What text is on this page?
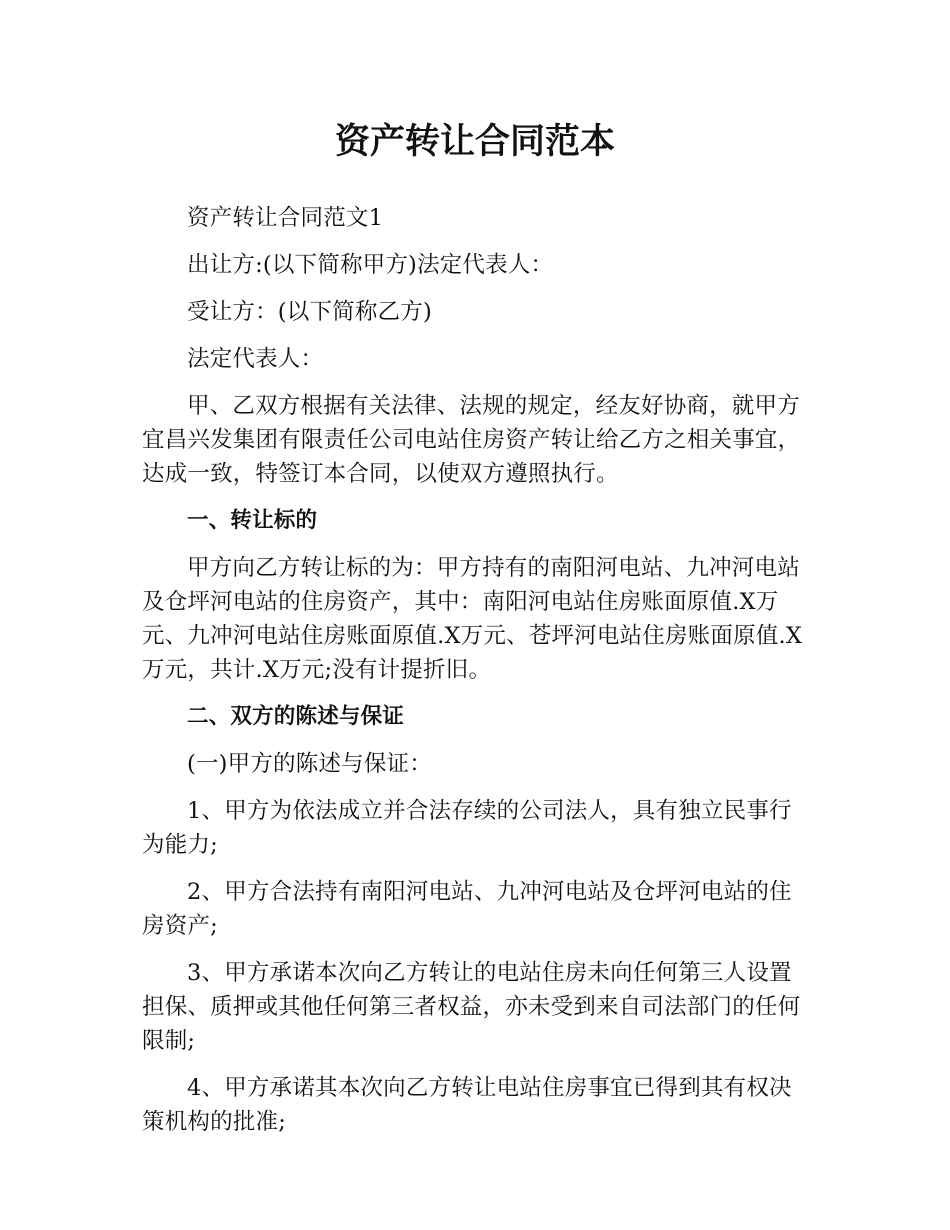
资产转让合同范本

资产转让合同范文1

出让方:(以下简称甲方)法定代表人：

受让方：(以下简称乙方)

法定代表人：

甲、乙双方根据有关法律、法规的规定，经友好协商，就甲方宜昌兴发集团有限责任公司电站住房资产转让给乙方之相关事宜，达成一致，特签订本合同，以使双方遵照执行。

一、转让标的

甲方向乙方转让标的为：甲方持有的南阳河电站、九冲河电站及仓坪河电站的住房资产，其中：南阳河电站住房账面原值.X万元、九冲河电站住房账面原值.X万元、苍坪河电站住房账面原值.X万元，共计.X万元;没有计提折旧。

二、双方的陈述与保证

(一)甲方的陈述与保证：

1、甲方为依法成立并合法存续的公司法人，具有独立民事行为能力;

2、甲方合法持有南阳河电站、九冲河电站及仓坪河电站的住房资产;

3、甲方承诺本次向乙方转让的电站住房未向任何第三人设置担保、质押或其他任何第三者权益，亦未受到来自司法部门的任何限制;

4、甲方承诺其本次向乙方转让电站住房事宜已得到其有权决策机构的批准;
